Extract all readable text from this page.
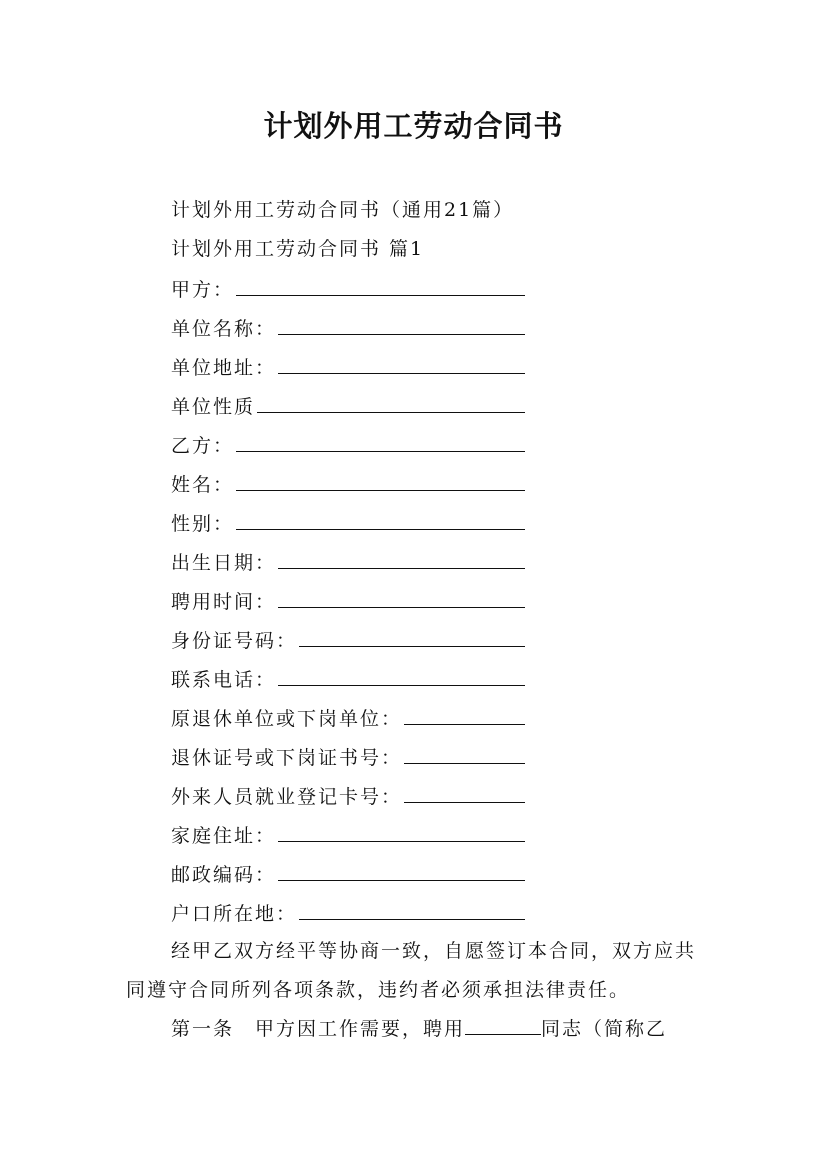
计划外用工劳动合同书
计划外用工劳动合同书（通用21篇）
计划外用工劳动合同书 篇1
甲方：
单位名称：
单位地址：
单位性质
乙方：
姓名：
性别：
出生日期：
聘用时间：
身份证号码：
联系电话：
原退休单位或下岗单位：
退休证号或下岗证书号：
外来人员就业登记卡号：
家庭住址：
邮政编码：
户口所在地：

经甲乙双方经平等协商一致，自愿签订本合同，双方应共同遵守合同所列各项条款，违约者必须承担法律责任。

第一条　甲方因工作需要，聘用	同志（简称乙
